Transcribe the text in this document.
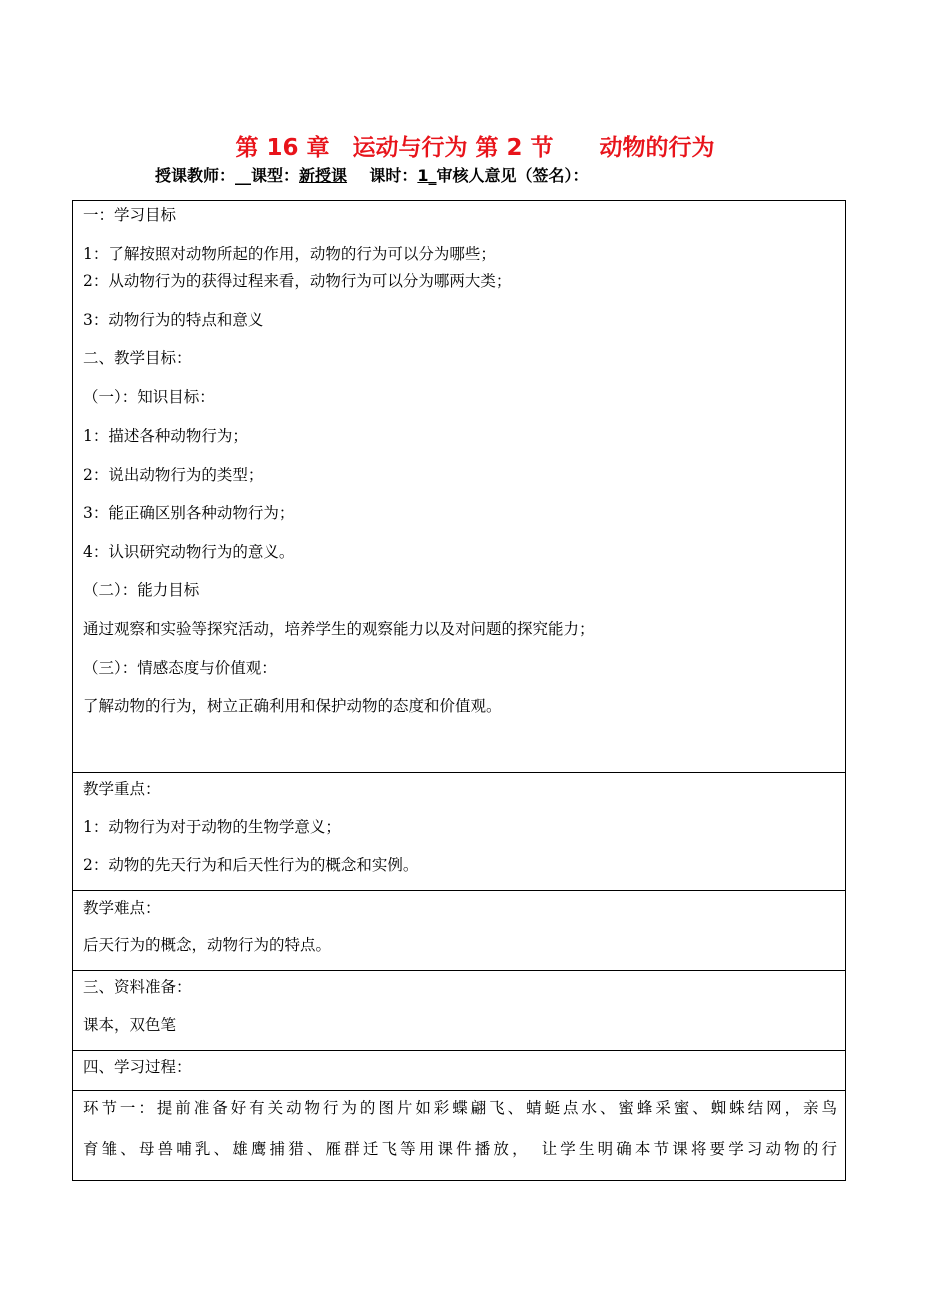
第 16 章　运动与行为 第 2 节　　动物的行为
授课教师：__课型：新授课 课时：1_审核人意见（签名）：
一：学习目标
1：了解按照对动物所起的作用，动物的行为可以分为哪些；
2：从动物行为的获得过程来看，动物行为可以分为哪两大类；
3：动物行为的特点和意义
二、教学目标：
（一）：知识目标：
1：描述各种动物行为；
2：说出动物行为的类型；
3：能正确区别各种动物行为；
4：认识研究动物行为的意义。
（二）：能力目标
通过观察和实验等探究活动，培养学生的观察能力以及对问题的探究能力；
（三）：情感态度与价值观：
了解动物的行为，树立正确利用和保护动物的态度和价值观。
教学重点：
1：动物行为对于动物的生物学意义；
2：动物的先天行为和后天性行为的概念和实例。
教学难点：
后天行为的概念，动物行为的特点。
三、资料准备：
课本，双色笔
四、学习过程：
环节一：提前准备好有关动物行为的图片如彩蝶翩飞、蜻蜓点水、蜜蜂采蜜、蜘蛛结网，亲鸟
育雏、母兽哺乳、雄鹰捕猎、雁群迁飞等用课件播放，　让学生明确本节课将要学习动物的行
